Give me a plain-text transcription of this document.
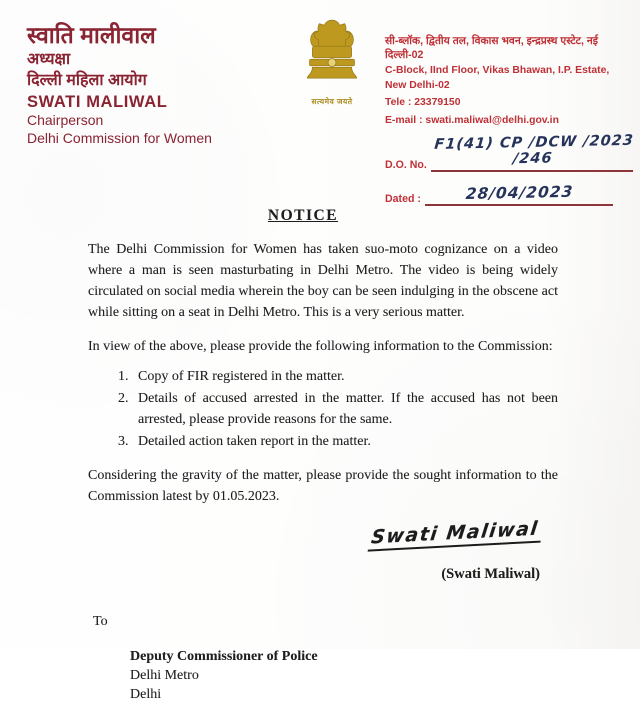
स्वाति मालीवाल
अध्यक्षा
दिल्ली महिला आयोग
SWATI MALIWAL
Chairperson
Delhi Commission for Women
सत्यमेव जयते
सी-ब्लॉक, द्वितीय तल, विकास भवन, इन्द्रप्रस्थ एस्टेट, नई दिल्ली-02
C-Block, IInd Floor, Vikas Bhawan, I.P. Estate, New Delhi-02
Tele : 23379150
E-mail : swati.maliwal@delhi.gov.in
D.O. No.
F1(41) CP /DCW /2023 /246
Dated :	28/04/2023
NOTICE

The Delhi Commission for Women has taken suo-moto cognizance on a video where a man is seen masturbating in Delhi Metro. The video is being widely circulated on social media wherein the boy can be seen indulging in the obscene act while sitting on a seat in Delhi Metro. This is a very serious matter.

In view of the above, please provide the following information to the Commission:

1. Copy of FIR registered in the matter.
2. Details of accused arrested in the matter. If the accused has not been arrested, please provide reasons for the same.
3. Detailed action taken report in the matter.

Considering the gravity of the matter, please provide the sought information to the Commission latest by 01.05.2023.

Swati Maliwal
(Swati Maliwal)
To
Deputy Commissioner of Police
Delhi Metro
Delhi
